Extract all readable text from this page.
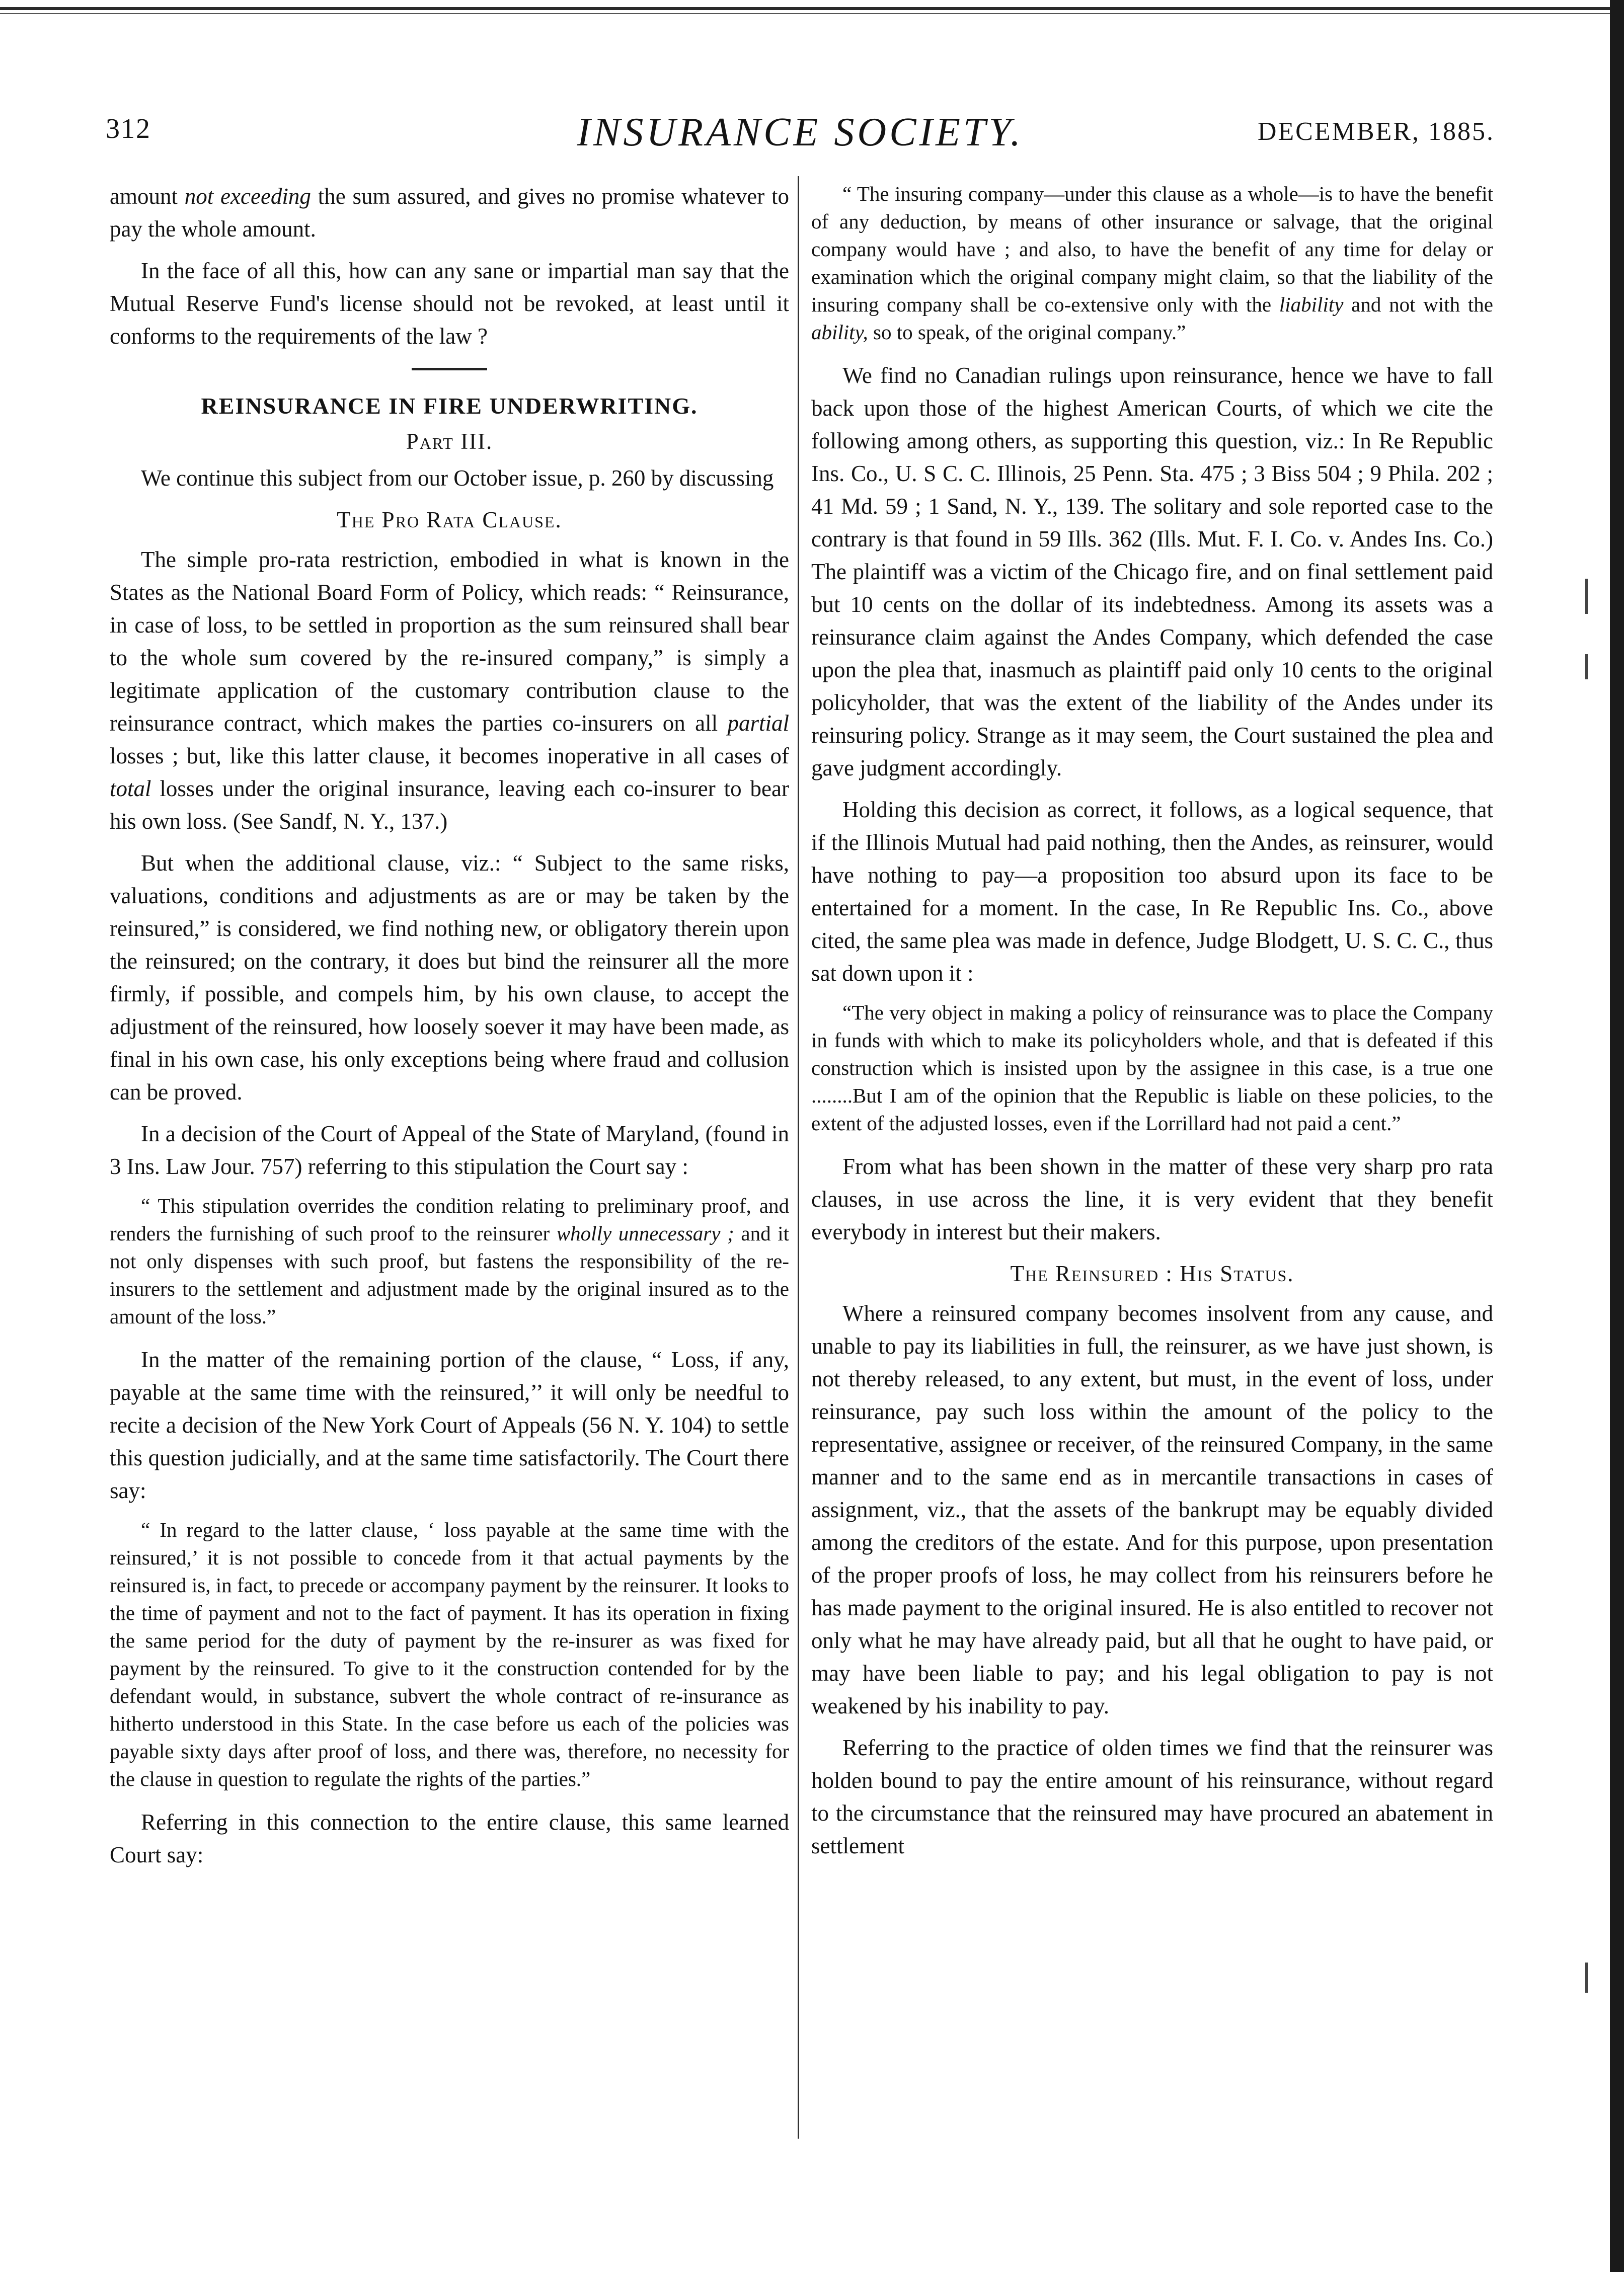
312	INSURANCE SOCIETY.	DECEMBER, 1885.

amount not exceeding the sum assured, and gives no promise whatever to pay the whole amount.

In the face of all this, how can any sane or impartial man say that the Mutual Reserve Fund's license should not be revoked, at least until it conforms to the requirements of the law ?

REINSURANCE IN FIRE UNDERWRITING.
Part III.

We continue this subject from our October issue, p. 260 by discussing

The Pro Rata Clause.

The simple pro-rata restriction, embodied in what is known in the States as the National Board Form of Policy, which reads: “ Reinsurance, in case of loss, to be settled in proportion as the sum reinsured shall bear to the whole sum covered by the re-insured company,” is simply a legitimate application of the customary contribution clause to the reinsurance contract, which makes the parties co-insurers on all partial losses ; but, like this latter clause, it becomes inoperative in all cases of total losses under the original insurance, leaving each co-insurer to bear his own loss. (See Sandf, N. Y., 137.)

But when the additional clause, viz.: “ Subject to the same risks, valuations, conditions and adjustments as are or may be taken by the reinsured,” is considered, we find nothing new, or obligatory therein upon the reinsured; on the contrary, it does but bind the reinsurer all the more firmly, if possible, and compels him, by his own clause, to accept the adjustment of the reinsured, how loosely soever it may have been made, as final in his own case, his only exceptions being where fraud and collusion can be proved.

In a decision of the Court of Appeal of the State of Maryland, (found in 3 Ins. Law Jour. 757) referring to this stipulation the Court say :

“ This stipulation overrides the condition relating to preliminary proof, and renders the furnishing of such proof to the reinsurer wholly unnecessary ; and it not only dispenses with such proof, but fastens the responsibility of the re-insurers to the settlement and adjustment made by the original insured as to the amount of the loss.”

In the matter of the remaining portion of the clause, “ Loss, if any, payable at the same time with the reinsured,’’ it will only be needful to recite a decision of the New York Court of Appeals (56 N. Y. 104) to settle this question judicially, and at the same time satisfactorily. The Court there say:

“ In regard to the latter clause, ‘ loss payable at the same time with the reinsured,’ it is not possible to concede from it that actual payments by the reinsured is, in fact, to precede or accompany payment by the reinsurer. It looks to the time of payment and not to the fact of payment. It has its operation in fixing the same period for the duty of payment by the re-insurer as was fixed for payment by the reinsured. To give to it the construction contended for by the defendant would, in substance, subvert the whole contract of re-insurance as hitherto understood in this State. In the case before us each of the policies was payable sixty days after proof of loss, and there was, therefore, no necessity for the clause in question to regulate the rights of the parties.”

Referring in this connection to the entire clause, this same learned Court say:

“ The insuring company—under this clause as a whole—is to have the benefit of any deduction, by means of other insurance or salvage, that the original company would have ; and also, to have the benefit of any time for delay or examination which the original company might claim, so that the liability of the insuring company shall be co-extensive only with the liability and not with the ability, so to speak, of the original company.”

We find no Canadian rulings upon reinsurance, hence we have to fall back upon those of the highest American Courts, of which we cite the following among others, as supporting this question, viz.: In Re Republic Ins. Co., U. S C. C. Illinois, 25 Penn. Sta. 475 ; 3 Biss 504 ; 9 Phila. 202 ; 41 Md. 59 ; 1 Sand, N. Y., 139. The solitary and sole reported case to the contrary is that found in 59 Ills. 362 (Ills. Mut. F. I. Co. v. Andes Ins. Co.) The plaintiff was a victim of the Chicago fire, and on final settlement paid but 10 cents on the dollar of its indebtedness. Among its assets was a reinsurance claim against the Andes Company, which defended the case upon the plea that, inasmuch as plaintiff paid only 10 cents to the original policyholder, that was the extent of the liability of the Andes under its reinsuring policy. Strange as it may seem, the Court sustained the plea and gave judgment accordingly.

Holding this decision as correct, it follows, as a logical sequence, that if the Illinois Mutual had paid nothing, then the Andes, as reinsurer, would have nothing to pay—a proposition too absurd upon its face to be entertained for a moment. In the case, In Re Republic Ins. Co., above cited, the same plea was made in defence, Judge Blodgett, U. S. C. C., thus sat down upon it :

“The very object in making a policy of reinsurance was to place the Company in funds with which to make its policyholders whole, and that is defeated if this construction which is insisted upon by the assignee in this case, is a true one ........But I am of the opinion that the Republic is liable on these policies, to the extent of the adjusted losses, even if the Lorrillard had not paid a cent.”

From what has been shown in the matter of these very sharp pro rata clauses, in use across the line, it is very evident that they benefit everybody in interest but their makers.

The Reinsured : His Status.

Where a reinsured company becomes insolvent from any cause, and unable to pay its liabilities in full, the reinsurer, as we have just shown, is not thereby released, to any extent, but must, in the event of loss, under reinsurance, pay such loss within the amount of the policy to the representative, assignee or receiver, of the reinsured Company, in the same manner and to the same end as in mercantile transactions in cases of assignment, viz., that the assets of the bankrupt may be equably divided among the creditors of the estate. And for this purpose, upon presentation of the proper proofs of loss, he may collect from his reinsurers before he has made payment to the original insured. He is also entitled to recover not only what he may have already paid, but all that he ought to have paid, or may have been liable to pay; and his legal obligation to pay is not weakened by his inability to pay.

Referring to the practice of olden times we find that the reinsurer was holden bound to pay the entire amount of his reinsurance, without regard to the circumstance that the reinsured may have procured an abatement in settlement
